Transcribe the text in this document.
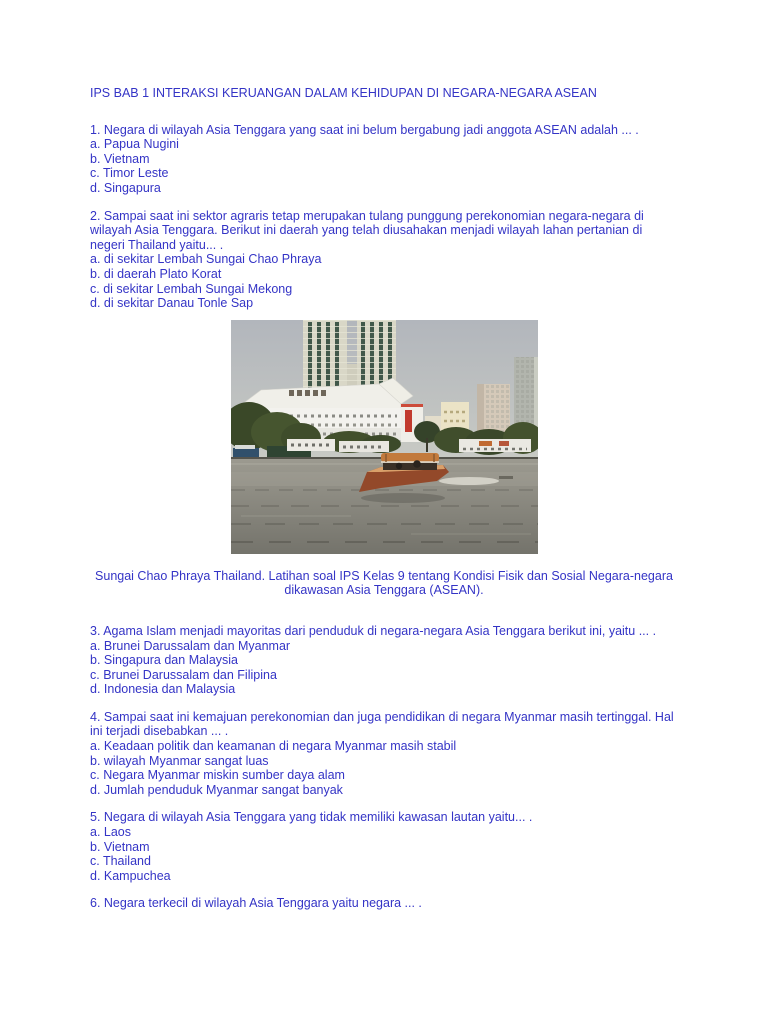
IPS BAB 1 INTERAKSI KERUANGAN DALAM KEHIDUPAN DI NEGARA-NEGARA ASEAN

1. Negara di wilayah Asia Tenggara yang saat ini belum bergabung jadi anggota ASEAN adalah ... .
a. Papua Nugini
b. Vietnam
c. Timor Leste
d. Singapura
2. Sampai saat ini sektor agraris tetap merupakan tulang punggung perekonomian negara-negara di wilayah Asia Tenggara. Berikut ini daerah yang telah diusahakan menjadi wilayah lahan pertanian di negeri Thailand yaitu... .
a. di sekitar Lembah Sungai Chao Phraya
b. di daerah Plato Korat
c. di sekitar Lembah Sungai Mekong
d. di sekitar Danau Tonle Sap
Sungai Chao Phraya Thailand. Latihan soal IPS Kelas 9 tentang Kondisi Fisik dan Sosial Negara-negara dikawasan Asia Tenggara (ASEAN).
3. Agama Islam menjadi mayoritas dari penduduk di negara-negara Asia Tenggara berikut ini, yaitu ... .
a. Brunei Darussalam dan Myanmar
b. Singapura dan Malaysia
c. Brunei Darussalam dan Filipina
d. Indonesia dan Malaysia
4. Sampai saat ini kemajuan perekonomian dan juga pendidikan di negara Myanmar masih tertinggal. Hal ini terjadi disebabkan ... .
a. Keadaan politik dan keamanan di negara Myanmar masih stabil
b. wilayah Myanmar sangat luas
c. Negara Myanmar miskin sumber daya alam
d. Jumlah penduduk Myanmar sangat banyak
5. Negara di wilayah Asia Tenggara yang tidak memiliki kawasan lautan yaitu... .
a. Laos
b. Vietnam
c. Thailand
d. Kampuchea
6. Negara terkecil di wilayah Asia Tenggara yaitu negara ... .
